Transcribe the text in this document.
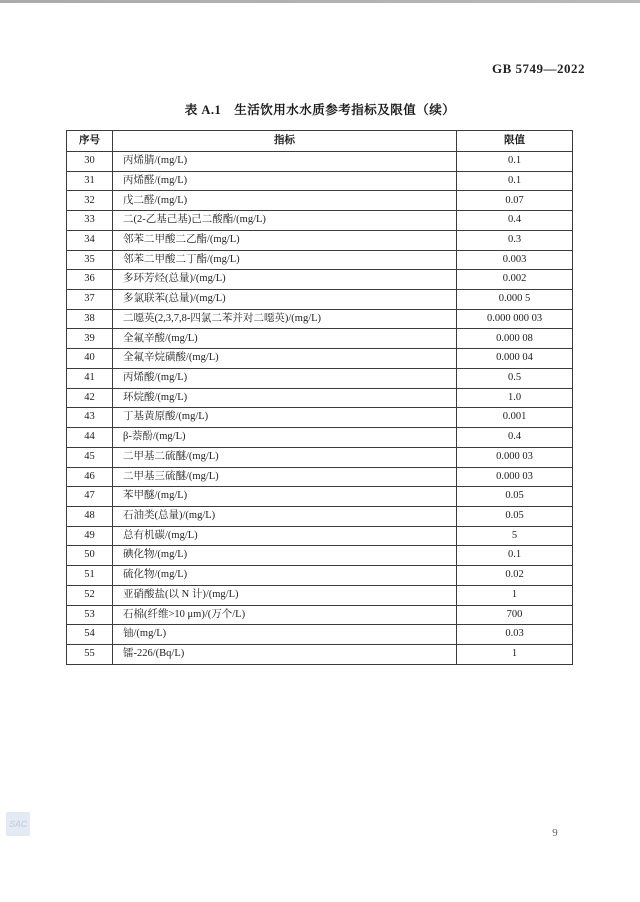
GB 5749—2022
表 A.1　生活饮用水水质参考指标及限值（续）
序号	指标	限值
30	丙烯腈/(mg/L)	0.1
31	丙烯醛/(mg/L)	0.1
32	戊二醛/(mg/L)	0.07
33	二(2-乙基己基)己二酸酯/(mg/L)	0.4
34	邻苯二甲酸二乙酯/(mg/L)	0.3
35	邻苯二甲酸二丁酯/(mg/L)	0.003
36	多环芳烃(总量)/(mg/L)	0.002
37	多氯联苯(总量)/(mg/L)	0.000 5
38	二噁英(2,3,7,8-四氯二苯并对二噁英)/(mg/L)	0.000 000 03
39	全氟辛酸/(mg/L)	0.000 08
40	全氟辛烷磺酸/(mg/L)	0.000 04
41	丙烯酸/(mg/L)	0.5
42	环烷酸/(mg/L)	1.0
43	丁基黄原酸/(mg/L)	0.001
44	β-萘酚/(mg/L)	0.4
45	二甲基二硫醚/(mg/L)	0.000 03
46	二甲基三硫醚/(mg/L)	0.000 03
47	苯甲醚/(mg/L)	0.05
48	石油类(总量)/(mg/L)	0.05
49	总有机碳/(mg/L)	5
50	碘化物/(mg/L)	0.1
51	硫化物/(mg/L)	0.02
52	亚硝酸盐(以 N 计)/(mg/L)	1
53	石棉(纤维>10 μm)/(万个/L)	700
54	铀/(mg/L)	0.03
55	镭-226/(Bq/L)	1
SAC
9
